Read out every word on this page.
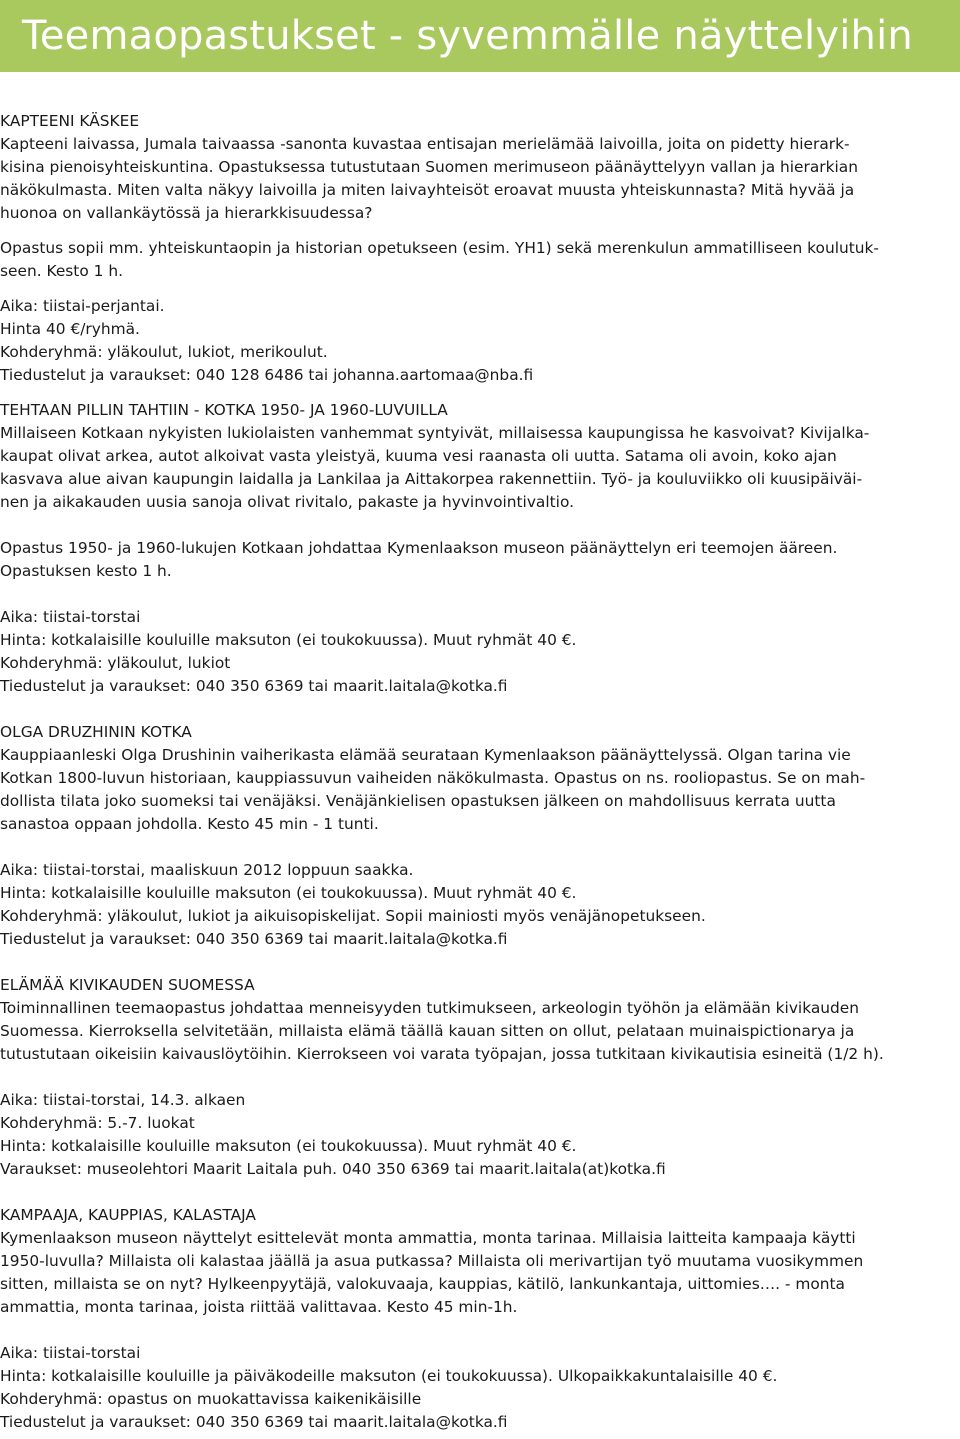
Teemaopastukset - syvemmälle näyttelyihin

KAPTEENI KÄSKEE

Kapteeni laivassa, Jumala taivaassa -sanonta kuvastaa entisajan merielämää laivoilla, joita on pidetty hierark-
kisina pienoisyhteiskuntina. Opastuksessa tutustutaan Suomen merimuseon päänäyttelyyn vallan ja hierarkian
näkökulmasta. Miten valta näkyy laivoilla ja miten laivayhteisöt eroavat muusta yhteiskunnasta? Mitä hyvää ja
huonoa on vallankäytössä ja hierarkkisuudessa?

Opastus sopii mm. yhteiskuntaopin ja historian opetukseen (esim. YH1) sekä merenkulun ammatilliseen koulutuk-
seen. Kesto 1 h.

Aika: tiistai-perjantai.

Hinta 40 €/ryhmä.

Kohderyhmä: yläkoulut, lukiot, merikoulut.

Tiedustelut ja varaukset: 040 128 6486 tai johanna.aartomaa@nba.fi

TEHTAAN PILLIN TAHTIIN - KOTKA 1950- JA 1960-LUVUILLA

Millaiseen Kotkaan nykyisten lukiolaisten vanhemmat syntyivät, millaisessa kaupungissa he kasvoivat? Kivijalka-
kaupat olivat arkea, autot alkoivat vasta yleistyä, kuuma vesi raanasta oli uutta. Satama oli avoin, koko ajan
kasvava alue aivan kaupungin laidalla ja Lankilaa ja Aittakorpea rakennettiin. Työ- ja kouluviikko oli kuusipäiväi-
nen ja aikakauden uusia sanoja olivat rivitalo, pakaste ja hyvinvointivaltio.

Opastus 1950- ja 1960-lukujen Kotkaan johdattaa Kymenlaakson museon päänäyttelyn eri teemojen ääreen.
Opastuksen kesto 1 h.

Aika: tiistai-torstai

Hinta: kotkalaisille kouluille maksuton (ei toukokuussa). Muut ryhmät 40 €.

Kohderyhmä: yläkoulut, lukiot

Tiedustelut ja varaukset: 040 350 6369 tai maarit.laitala@kotka.fi

OLGA DRUZHININ KOTKA

Kauppiaanleski Olga Drushinin vaiherikasta elämää seurataan Kymenlaakson päänäyttelyssä. Olgan tarina vie
Kotkan 1800-luvun historiaan, kauppiassuvun vaiheiden näkökulmasta. Opastus on ns. rooliopastus. Se on mah-
dollista tilata joko suomeksi tai venäjäksi. Venäjänkielisen opastuksen jälkeen on mahdollisuus kerrata uutta
sanastoa oppaan johdolla. Kesto 45 min - 1 tunti.

Aika: tiistai-torstai, maaliskuun 2012 loppuun saakka.

Hinta: kotkalaisille kouluille maksuton (ei toukokuussa). Muut ryhmät 40 €.

Kohderyhmä: yläkoulut, lukiot ja aikuisopiskelijat. Sopii mainiosti myös venäjänopetukseen.

Tiedustelut ja varaukset: 040 350 6369 tai maarit.laitala@kotka.fi

ELÄMÄÄ KIVIKAUDEN SUOMESSA

Toiminnallinen teemaopastus johdattaa menneisyyden tutkimukseen, arkeologin työhön ja elämään kivikauden
Suomessa. Kierroksella selvitetään, millaista elämä täällä kauan sitten on ollut, pelataan muinaispictionarya ja
tutustutaan oikeisiin kaivauslöytöihin. Kierrokseen voi varata työpajan, jossa tutkitaan kivikautisia esineitä (1/2 h).

Aika: tiistai-torstai, 14.3. alkaen

Kohderyhmä: 5.-7. luokat

Hinta: kotkalaisille kouluille maksuton (ei toukokuussa). Muut ryhmät 40 €.

Varaukset: museolehtori Maarit Laitala puh. 040 350 6369 tai maarit.laitala(at)kotka.fi

KAMPAAJA, KAUPPIAS, KALASTAJA

Kymenlaakson museon näyttelyt esittelevät monta ammattia, monta tarinaa. Millaisia laitteita kampaaja käytti
1950-luvulla? Millaista oli kalastaa jäällä ja asua putkassa? Millaista oli merivartijan työ muutama vuosikymmen
sitten, millaista se on nyt? Hylkeenpyytäjä, valokuvaaja, kauppias, kätilö, lankunkantaja, uittomies…. - monta
ammattia, monta tarinaa, joista riittää valittavaa. Kesto 45 min-1h.

Aika: tiistai-torstai

Hinta: kotkalaisille kouluille ja päiväkodeille maksuton (ei toukokuussa). Ulkopaikkakuntalaisille 40 €.

Kohderyhmä: opastus on muokattavissa kaikenikäisille

Tiedustelut ja varaukset: 040 350 6369 tai maarit.laitala@kotka.fi
